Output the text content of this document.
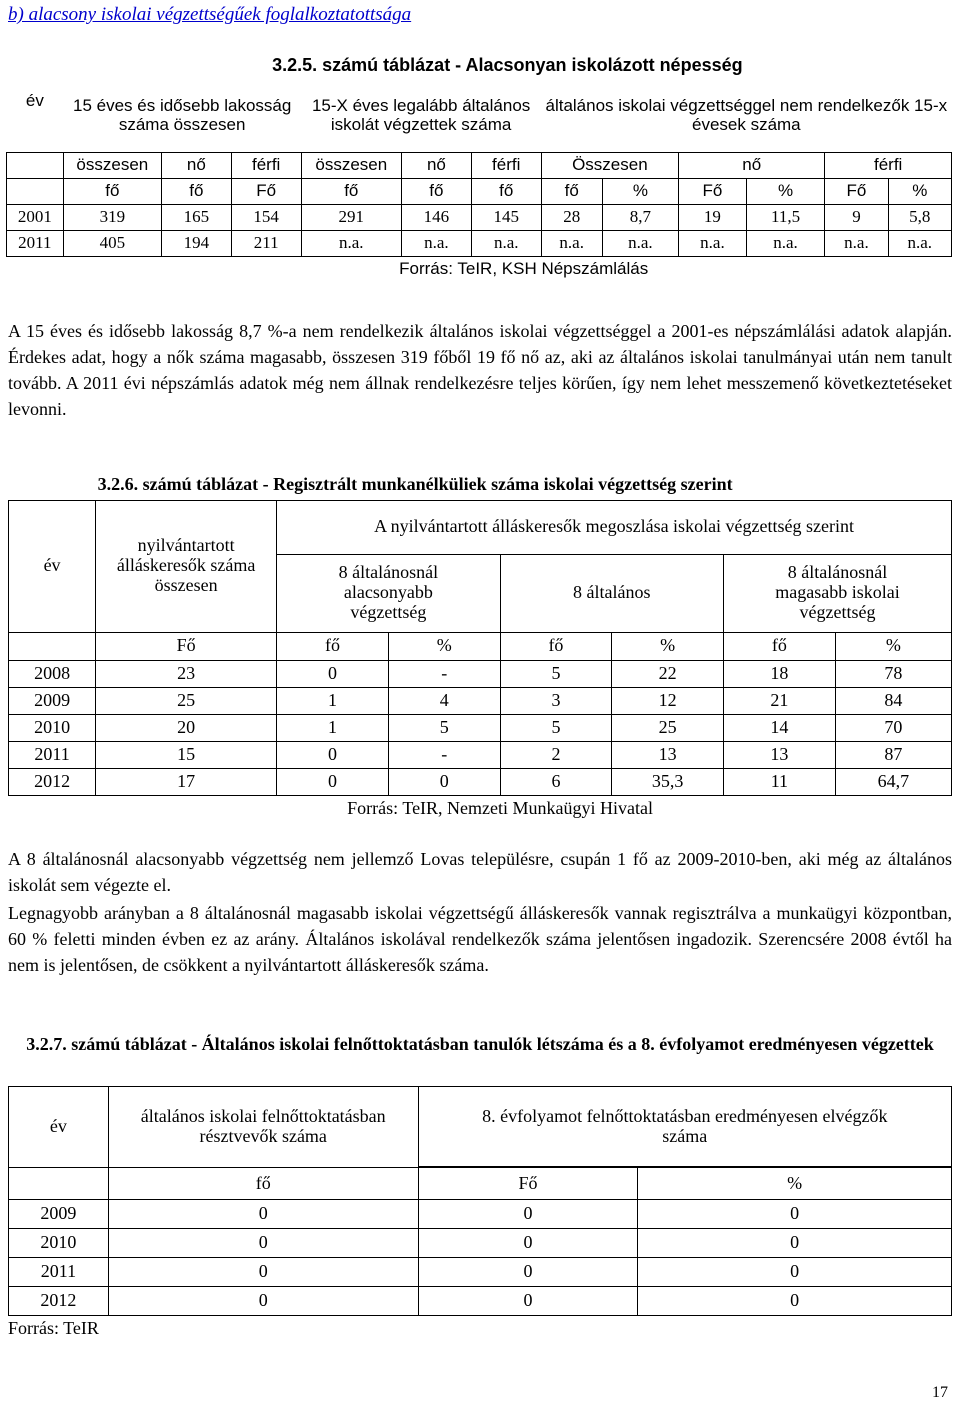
b) alacsony iskolai végzettségűek foglalkoztatottsága
év	3.2.5. számú táblázat - Alacsonyan iskolázott népesség											
	15 éves és idősebb lakosság száma összesen			15-X éves legalább általános iskolát végzettek száma			általános iskolai végzettséggel nem rendelkezők 15-x évesek száma					
	összesen	nő	férfi	összesen	nő	férfi	Összesen		nő		férfi	
	fő	fő	Fő	fő	fő	fő	fő	%	Fő	%	Fő	%
2001	319	165	154	291	146	145	28	8,7	19	11,5	9	5,8
2011	405	194	211	n.a.	n.a.	n.a.	n.a.	n.a.	n.a.	n.a.	n.a.	n.a.
				Forrás: TeIR, KSH Népszámlálás								
A 15 éves és idősebb lakosság 8,7 %-a nem rendelkezik általános iskolai végzettséggel a 2001-es népszámlálási adatok alapján. Érdekes adat, hogy a nők száma magasabb, összesen 319 főből 19 fő nő az, aki az általános iskolai tanulmányai után nem tanult tovább. A 2011 évi népszámlás adatok még nem állnak rendelkezésre teljes körűen, így nem lehet messzemenő következtetéseket levonni.
	3.2.6. számú táblázat - Regisztrált munkanélküliek száma iskolai végzettség szerint						
év	nyilvántartott álláskeresők száma összesen	A nyilvántartott álláskeresők megoszlása iskolai végzettség szerint					
		8 általánosnál alacsonyabb végzettség		8 általános		8 általánosnál magasabb iskolai végzettség	
	Fő	fő	%	fő	%	fő	%
2008	23	0	-	5	22	18	78
2009	25	1	4	3	12	21	84
2010	20	1	5	5	25	14	70
2011	15	0	-	2	13	13	87
2012	17	0	0	6	35,3	11	64,7
		Forrás: TeIR, Nemzeti Munkaügyi Hivatal					
A 8 általánosnál alacsonyabb végzettség nem jellemző Lovas településre, csupán 1 fő az 2009-2010-ben, aki még az általános iskolát sem végezte el.
Legnagyobb arányban a 8 általánosnál magasabb iskolai végzettségű álláskeresők vannak regisztrálva a munkaügyi központban, 60 % feletti minden évben ez az arány. Általános iskolával rendelkezők száma jelentősen ingadozik. Szerencsére 2008 évtől ha nem is jelentősen, de csökkent a nyilvántartott álláskeresők száma.
3.2.7. számú táblázat - Általános iskolai felnőttoktatásban tanulók létszáma és a 8. évfolyamot eredményesen végzettek
év	általános iskolai felnőttoktatásban résztvevők száma	8. évfolyamot felnőttoktatásban eredményesen elvégzők száma	

	fő	Fő	%
2009	0	0	0
2010	0	0	0
2011	0	0	0
2012	0	0	0
Forrás: TeIR
17
